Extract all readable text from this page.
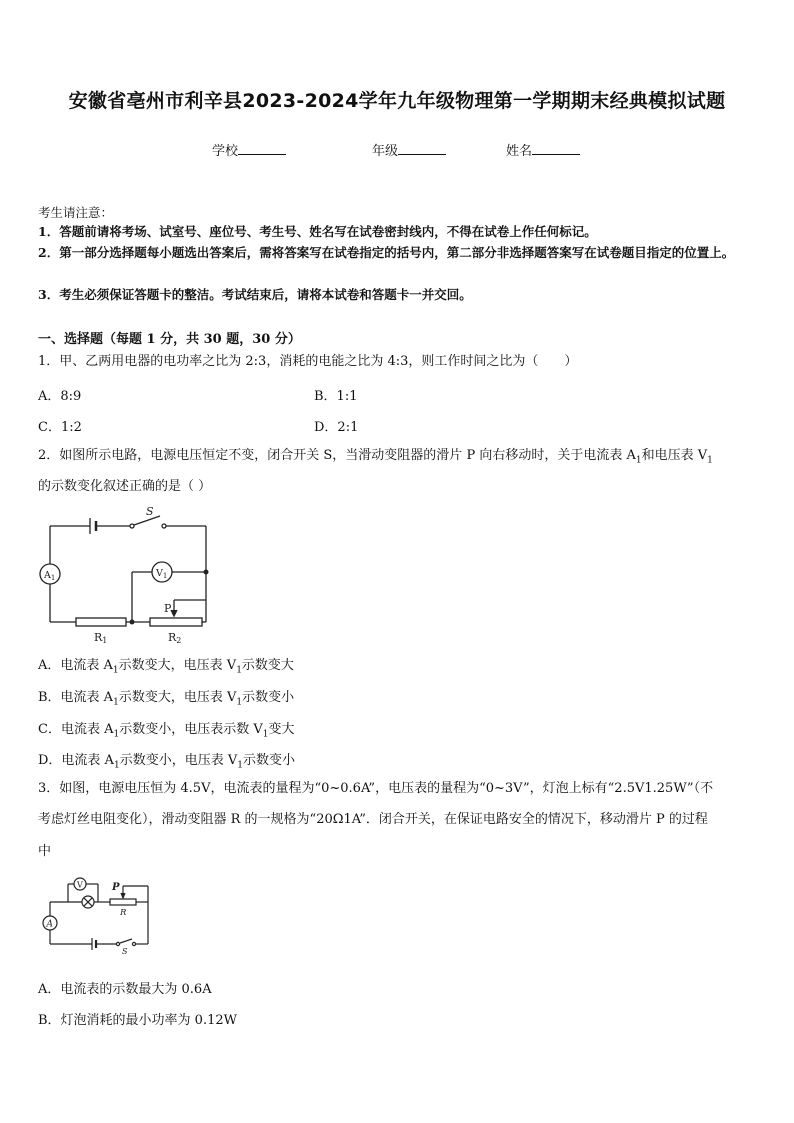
安徽省亳州市利辛县2023-2024学年九年级物理第一学期期末经典模拟试题
学校	年级	姓名
考生请注意：
1．答题前请将考场、试室号、座位号、考生号、姓名写在试卷密封线内，不得在试卷上作任何标记。
2．第一部分选择题每小题选出答案后，需将答案写在试卷指定的括号内，第二部分非选择题答案写在试卷题目指定的位置上。
3．考生必须保证答题卡的整洁。考试结束后，请将本试卷和答题卡一并交回。
一、选择题（每题 1 分，共 30 题，30 分）
1．甲、乙两用电器的电功率之比为 2:3，消耗的电能之比为 4:3，则工作时间之比为（　　）
A．8:9	B．1:1
C．1:2	D．2:1
2．如图所示电路，电源电压恒定不变，闭合开关 S，当滑动变阻器的滑片 P 向右移动时，关于电流表 $A_1$和电压表 $V_1$
的示数变化叙述正确的是（ ）
S
$A_1$	$V_1$
P
R1	R2
A．电流表 $A_1$示数变大，电压表 $V_1$示数变大
B．电流表 $A_1$示数变大，电压表 $V_1$示数变小
C．电流表 $A_1$示数变小，电压表示数 $V_1$变大
D．电流表 $A_1$示数变小，电压表 $V_1$示数变小
3．如图，电源电压恒为 4.5V，电流表的量程为“0~0.6A”，电压表的量程为“0~3V”，灯泡上标有“2.5V1.25W”（不
考虑灯丝电阻变化），滑动变阻器 R 的一规格为“20Ω1A”．闭合开关，在保证电路安全的情况下，移动滑片 P 的过程
中
V
A
P
R
S
A．电流表的示数最大为 0.6A
B．灯泡消耗的最小功率为 0.12W
